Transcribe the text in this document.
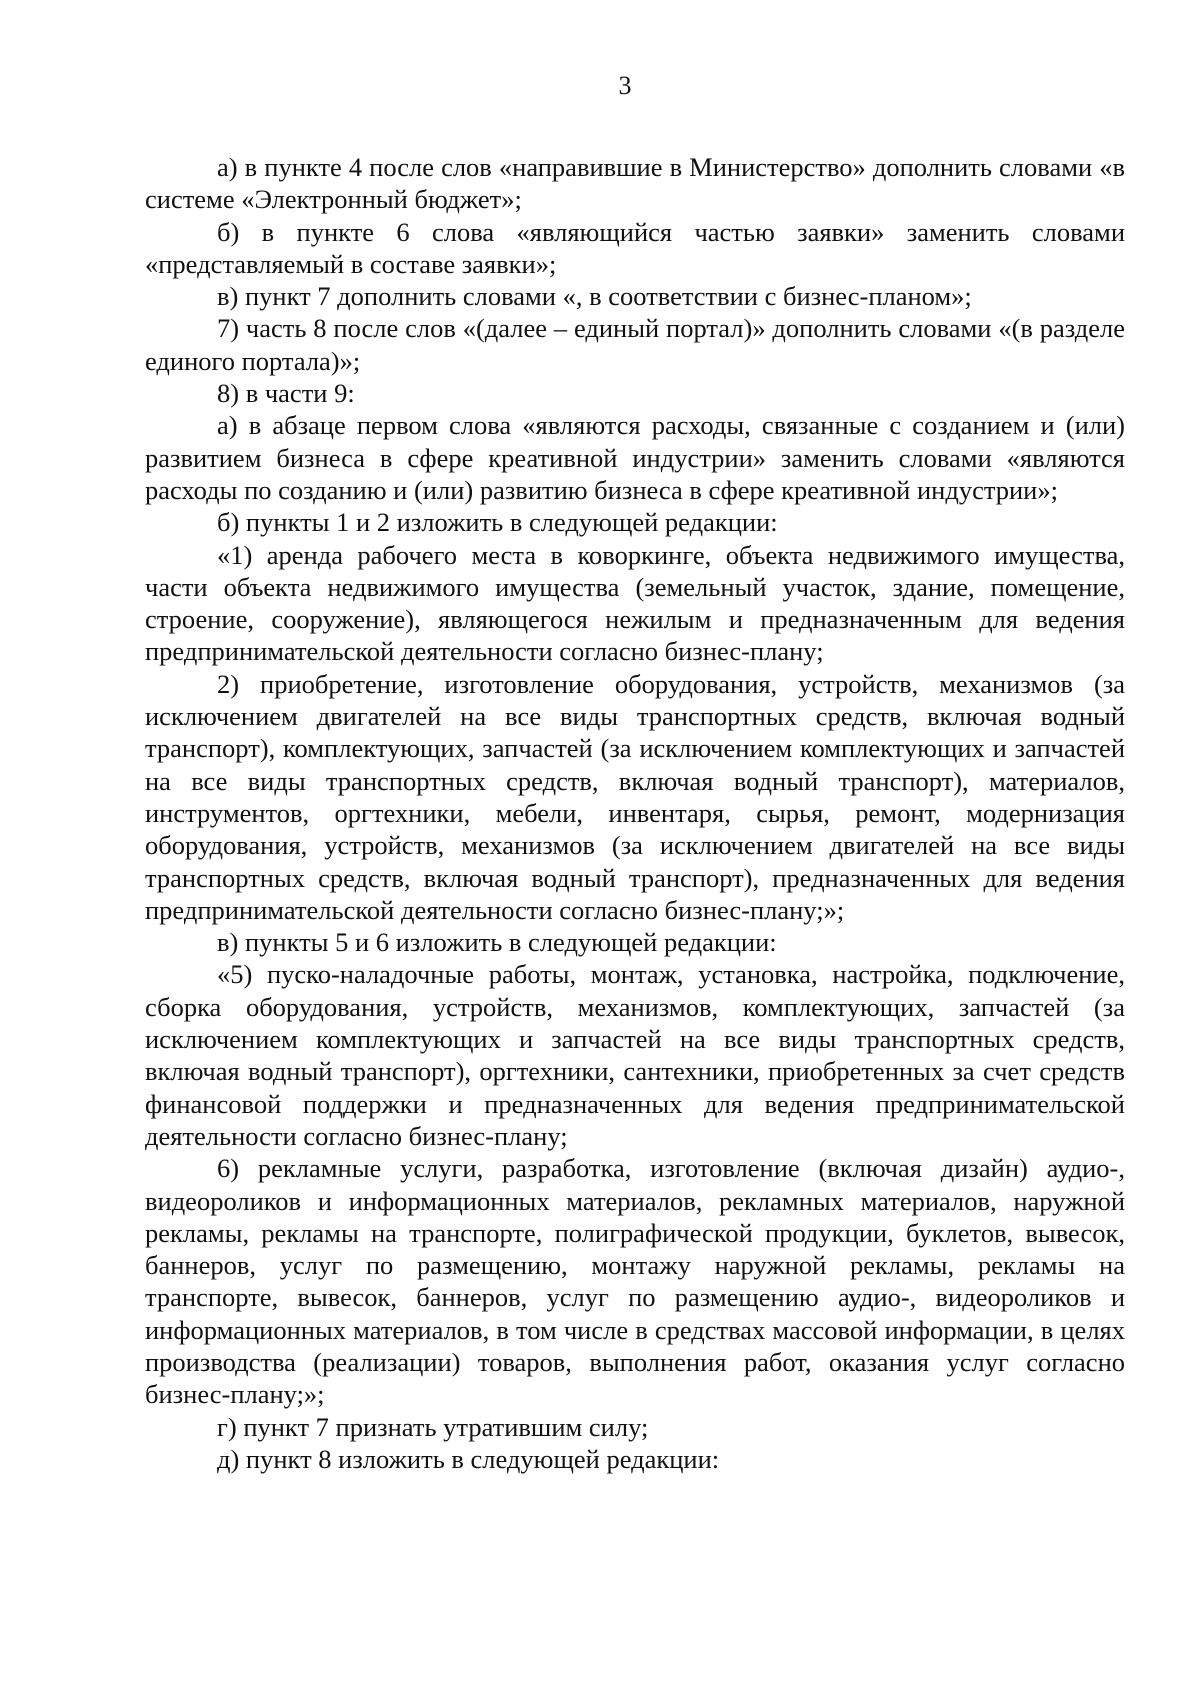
3

а) в пункте 4 после слов «направившие в Министерство» дополнить словами «в системе «Электронный бюджет»;

б) в пункте 6 слова «являющийся частью заявки» заменить словами «представляемый в составе заявки»;

в) пункт 7 дополнить словами «, в соответствии с бизнес-планом»;

7) часть 8 после слов «(далее – единый портал)» дополнить словами «(в разделе единого портала)»;

8) в части 9:

а) в абзаце первом слова «являются расходы, связанные с созданием и (или) развитием бизнеса в сфере креативной индустрии» заменить словами «являются расходы по созданию и (или) развитию бизнеса в сфере креативной индустрии»;

б) пункты 1 и 2 изложить в следующей редакции:

«1) аренда рабочего места в коворкинге, объекта недвижимого имущества, части объекта недвижимого имущества (земельный участок, здание, помещение, строение, сооружение), являющегося нежилым и предназначенным для ведения предпринимательской деятельности согласно бизнес-плану;

2) приобретение, изготовление оборудования, устройств, механизмов (за исключением двигателей на все виды транспортных средств, включая водный транспорт), комплектующих, запчастей (за исключением комплектующих и запчастей на все виды транспортных средств, включая водный транспорт), материалов, инструментов, оргтехники, мебели, инвентаря, сырья, ремонт, модернизация оборудования, устройств, механизмов (за исключением двигателей на все виды транспортных средств, включая водный транспорт), предназначенных для ведения предпринимательской деятельности согласно бизнес-плану;»;

в) пункты 5 и 6 изложить в следующей редакции:

«5) пуско-наладочные работы, монтаж, установка, настройка, подключение, сборка оборудования, устройств, механизмов, комплектующих, запчастей (за исключением комплектующих и запчастей на все виды транспортных средств, включая водный транспорт), оргтехники, сантехники, приобретенных за счет средств финансовой поддержки и предназначенных для ведения предпринимательской деятельности согласно бизнес-плану;

6) рекламные услуги, разработка, изготовление (включая дизайн) аудио-, видеороликов и информационных материалов, рекламных материалов, наружной рекламы, рекламы на транспорте, полиграфической продукции, буклетов, вывесок, баннеров, услуг по размещению, монтажу наружной рекламы, рекламы на транспорте, вывесок, баннеров, услуг по размещению аудио-, видеороликов и информационных материалов, в том числе в средствах массовой информации, в целях производства (реализации) товаров, выполнения работ, оказания услуг согласно бизнес-плану;»;

г) пункт 7 признать утратившим силу;

д) пункт 8 изложить в следующей редакции:
